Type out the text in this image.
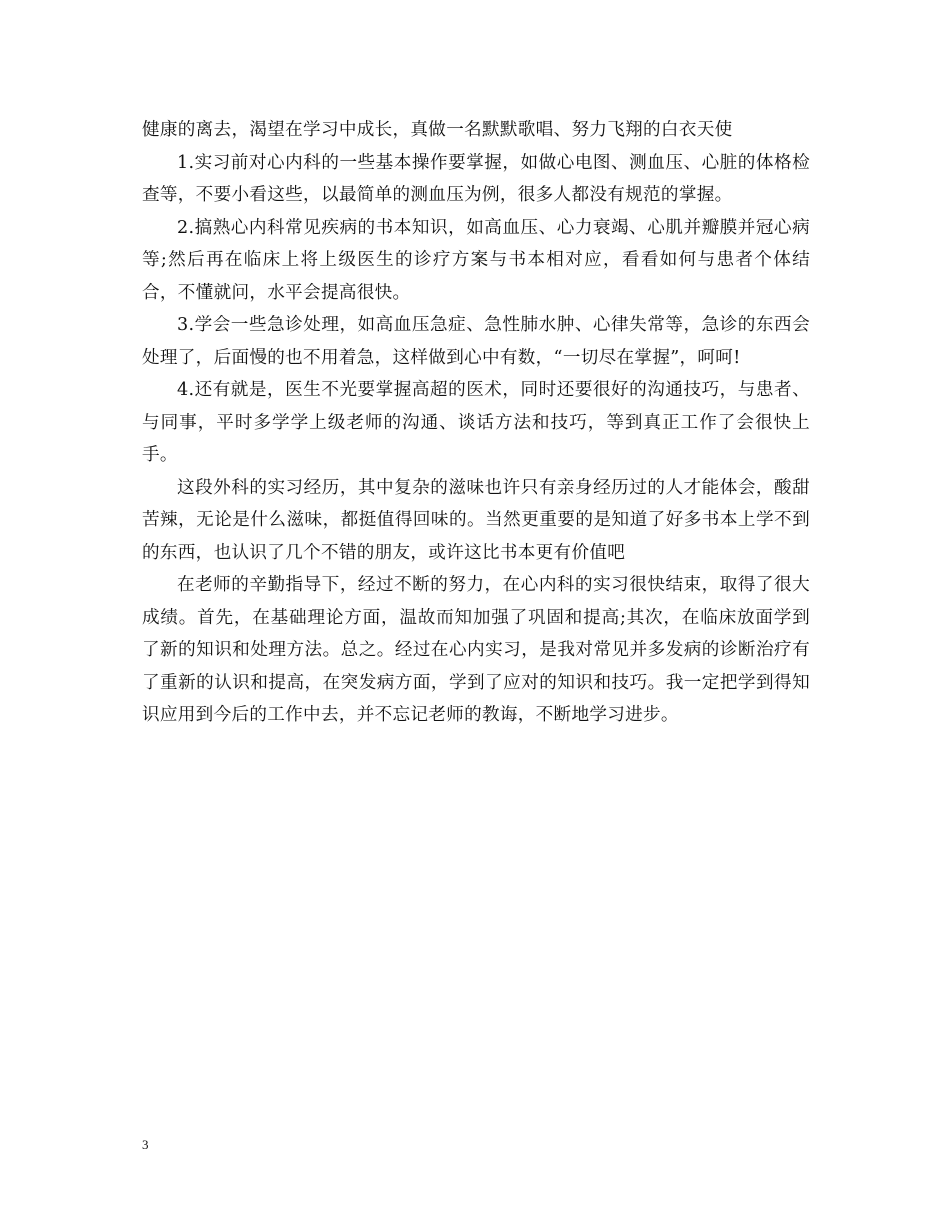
健康的离去，渴望在学习中成长，真做一名默默歌唱、努力飞翔的白衣天使

1.实习前对心内科的一些基本操作要掌握，如做心电图、测血压、心脏的体格检查等，不要小看这些，以最简单的测血压为例，很多人都没有规范的掌握。

2.搞熟心内科常见疾病的书本知识，如高血压、心力衰竭、心肌并瓣膜并冠心病等;然后再在临床上将上级医生的诊疗方案与书本相对应，看看如何与患者个体结合，不懂就问，水平会提高很快。

3.学会一些急诊处理，如高血压急症、急性肺水肿、心律失常等，急诊的东西会处理了，后面慢的也不用着急，这样做到心中有数，“一切尽在掌握”，呵呵!

4.还有就是，医生不光要掌握高超的医术，同时还要很好的沟通技巧，与患者、与同事，平时多学学上级老师的沟通、谈话方法和技巧，等到真正工作了会很快上手。

这段外科的实习经历，其中复杂的滋味也许只有亲身经历过的人才能体会，酸甜苦辣，无论是什么滋味，都挺值得回味的。当然更重要的是知道了好多书本上学不到的东西，也认识了几个不错的朋友，或许这比书本更有价值吧

在老师的辛勤指导下，经过不断的努力，在心内科的实习很快结束，取得了很大成绩。首先，在基础理论方面，温故而知加强了巩固和提高;其次，在临床放面学到了新的知识和处理方法。总之。经过在心内实习，是我对常见并多发病的诊断治疗有了重新的认识和提高，在突发病方面，学到了应对的知识和技巧。我一定把学到得知识应用到今后的工作中去，并不忘记老师的教诲，不断地学习进步。

3
